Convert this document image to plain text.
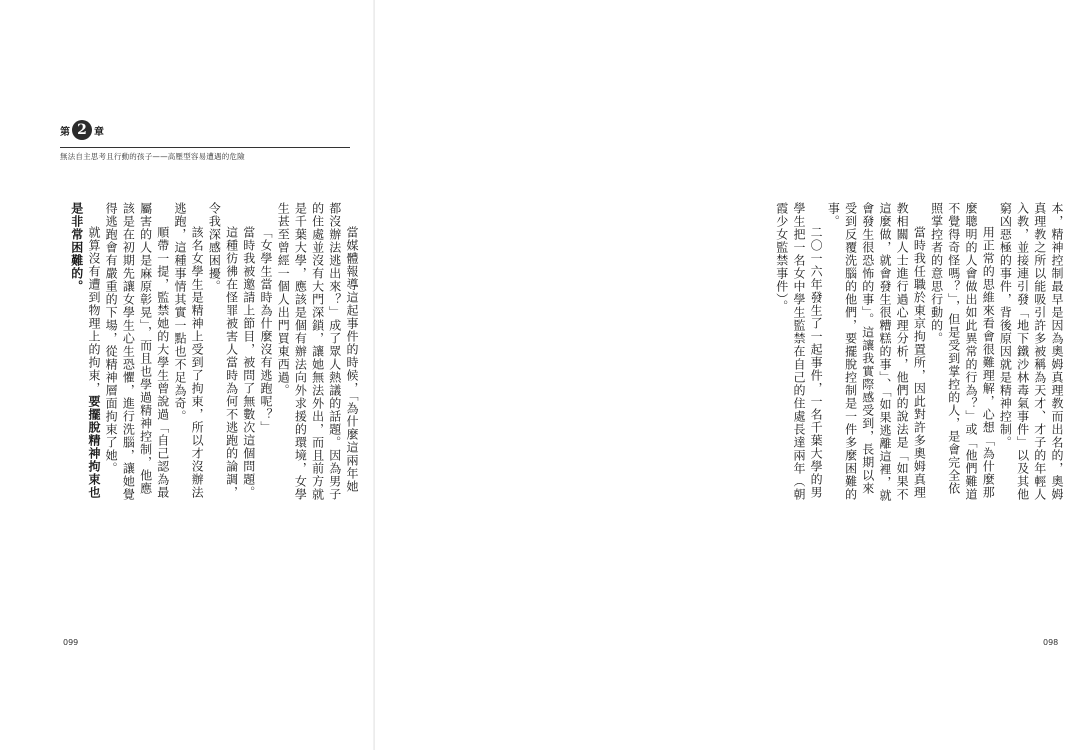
第 2 章
無法自主思考且行動的孩子——高壓型容易遭遇的危險

當媒體報導這起事件的時候，「為什麼這兩年她都沒辦法逃出來？」成了眾人熱議的話題。因為男子的住處並沒有大門深鎖，讓她無法外出，而且前方就是千葉大學，應該是個有辦法向外求援的環境，女學生甚至曾經一個人出門買東西過。

「女學生當時為什麼沒有逃跑呢？」

當時我被邀請上節目，被問了無數次這個問題。

這種彷彿在怪罪被害人當時為何不逃跑的論調，令我深感困擾。

該名女學生是精神上受到了拘束，所以才沒辦法逃跑，這種事情其實一點也不足為奇。

順帶一提，監禁她的大學生曾說過「自己認為最屬害的人是麻原彰晃」，而且也學過精神控制，他應該是在初期先讓女學生心生恐懼，進行洗腦，讓她覺得逃跑會有嚴重的下場，從精神層面拘束了她。

就算沒有遭到物理上的拘束，要擺脫精神拘束也是非常困難的。

099

本，精神控制最早是因為奧姆真理教而出名的，奧姆真理教之所以能吸引許多被稱為天才、才子的年輕人入教，並接連引發「地下鐵沙林毒氣事件」以及其他窮凶惡極的事件，背後原因就是精神控制。

用正常的思維來看會很難理解，心想「為什麼那麼聰明的人會做出如此異常的行為？」或「他們難道不覺得奇怪嗎？」，但是受到掌控的人，是會完全依照掌控者的意思行動的。

當時我任職於東京拘置所，因此對許多奧姆真理教相關人士進行過心理分析，他們的說法是「如果不這麼做，就會發生很糟糕的事」、「如果逃離這裡，就會發生很恐怖的事」。這讓我實際感受到，長期以來受到反覆洗腦的他們，要擺脫控制是一件多麼困難的事。

二〇一六年發生了一起事件，一名千葉大學的男學生把一名女中學生監禁在自己的住處長達兩年（朝霞少女監禁事件）。

098
